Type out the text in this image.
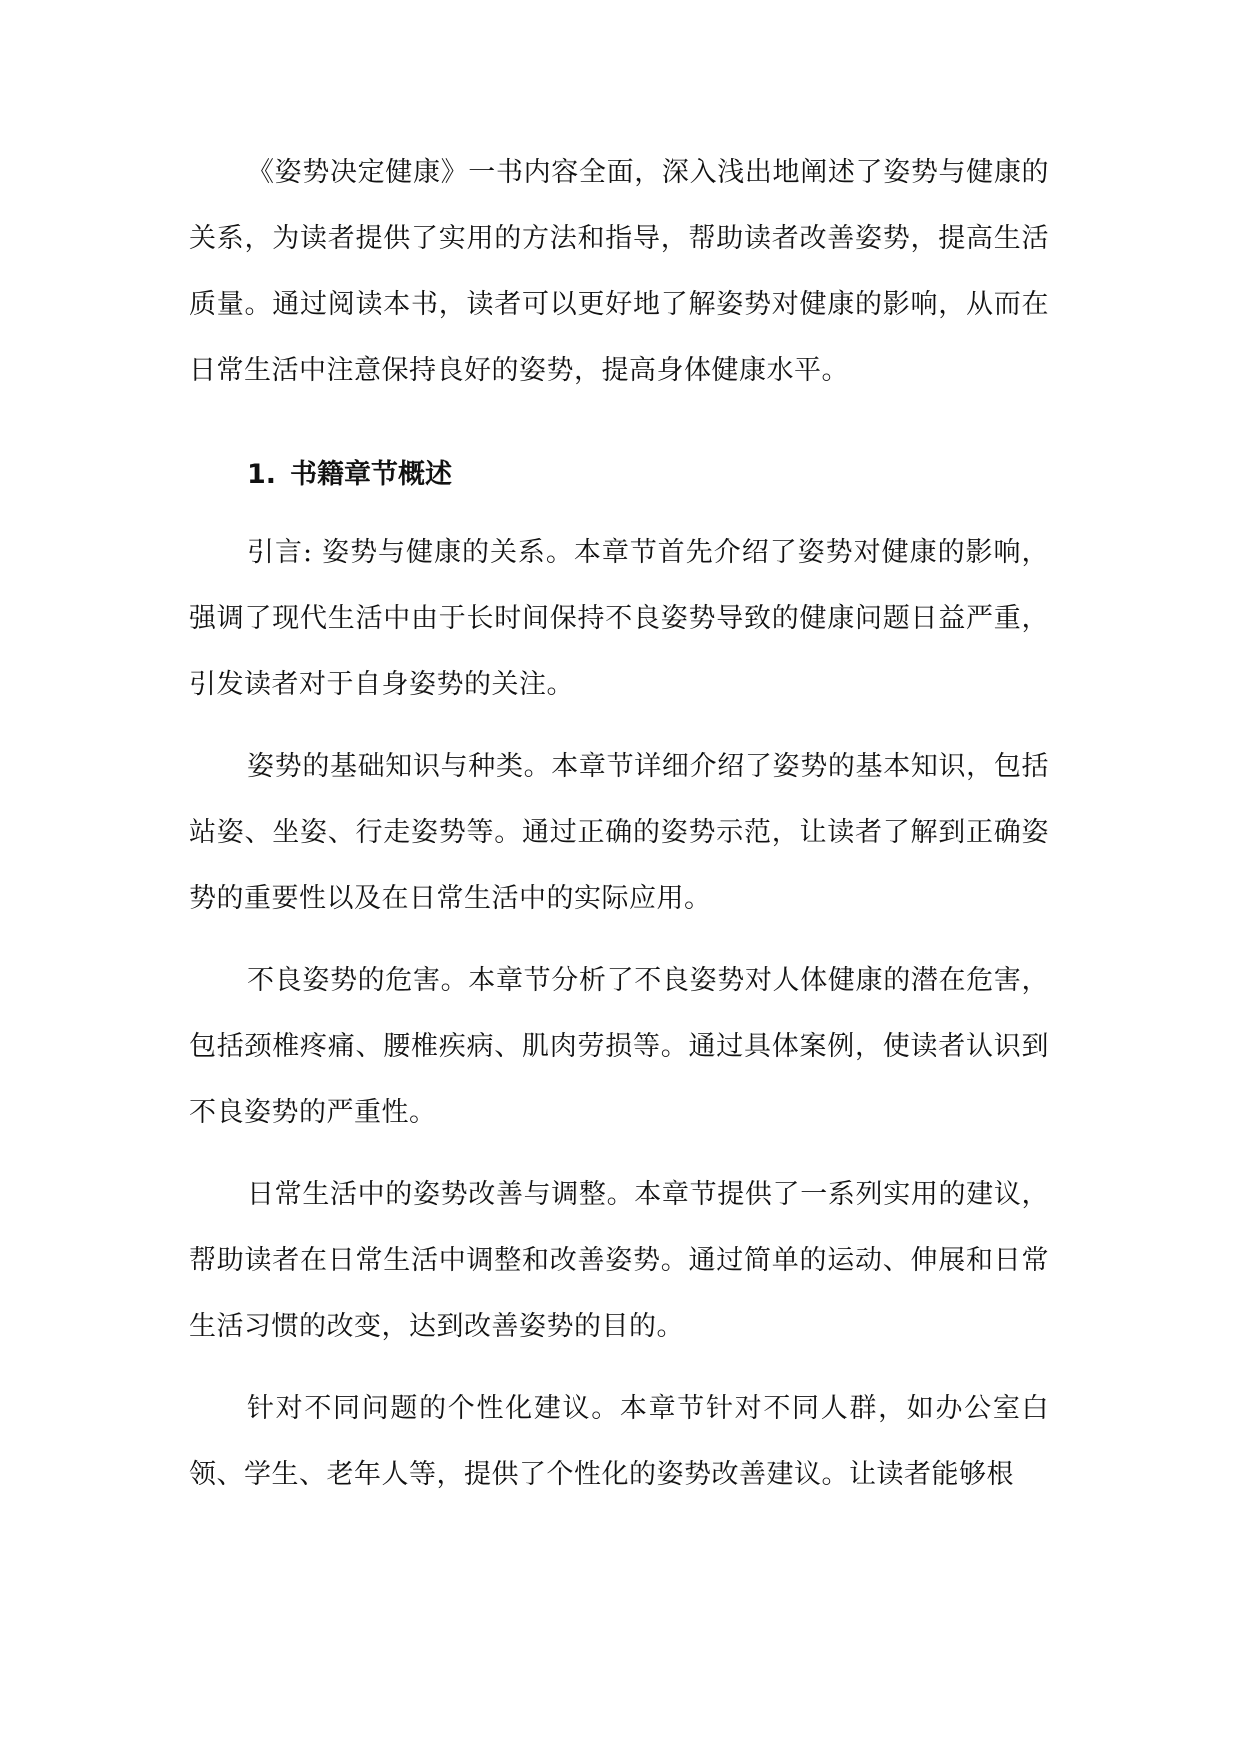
《姿势决定健康》一书内容全面，深入浅出地阐述了姿势与健康的关系，为读者提供了实用的方法和指导，帮助读者改善姿势，提高生活质量。通过阅读本书，读者可以更好地了解姿势对健康的影响，从而在日常生活中注意保持良好的姿势，提高身体健康水平。

1. 书籍章节概述

引言: 姿势与健康的关系。本章节首先介绍了姿势对健康的影响，强调了现代生活中由于长时间保持不良姿势导致的健康问题日益严重，引发读者对于自身姿势的关注。

姿势的基础知识与种类。本章节详细介绍了姿势的基本知识，包括站姿、坐姿、行走姿势等。通过正确的姿势示范，让读者了解到正确姿势的重要性以及在日常生活中的实际应用。

不良姿势的危害。本章节分析了不良姿势对人体健康的潜在危害，包括颈椎疼痛、腰椎疾病、肌肉劳损等。通过具体案例，使读者认识到不良姿势的严重性。

日常生活中的姿势改善与调整。本章节提供了一系列实用的建议，帮助读者在日常生活中调整和改善姿势。通过简单的运动、伸展和日常生活习惯的改变，达到改善姿势的目的。

针对不同问题的个性化建议。本章节针对不同人群，如办公室白领、学生、老年人等，提供了个性化的姿势改善建议。让读者能够根
